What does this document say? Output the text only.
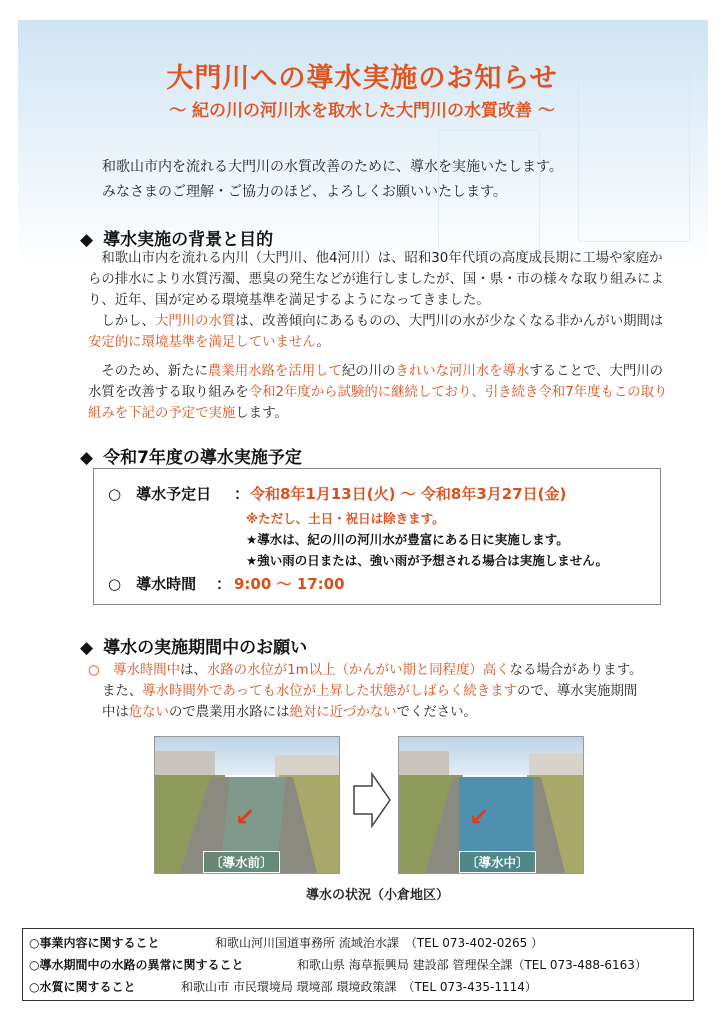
大門川への導水実施のお知らせ
～ 紀の川の河川水を取水した大門川の水質改善 ～
和歌山市内を流れる大門川の水質改善のために、導水を実施いたします。
みなさまのご理解・ご協力のほど、よろしくお願いいたします。
◆ 導水実施の背景と目的

和歌山市内を流れる内川（大門川、他4河川）は、昭和30年代頃の高度成長期に工場や家庭からの排水により水質汚濁、悪臭の発生などが進行しましたが、国・県・市の様々な取り組みにより、近年、国が定める環境基準を満足するようになってきました。

しかし、大門川の水質は、改善傾向にあるものの、大門川の水が少なくなる非かんがい期間は安定的に環境基準を満足していません。

そのため、新たに農業用水路を活用して紀の川のきれいな河川水を導水することで、大門川の水質を改善する取り組みを令和2年度から試験的に継続しており、引き続き令和7年度もこの取り組みを下記の予定で実施します。

◆ 令和7年度の導水実施予定
○　導水予定日 ： 令和8年1月13日(火) ～ 令和8年3月27日(金)
※ただし、土日・祝日は除きます。
★導水は、紀の川の河川水が豊富にある日に実施します。
★強い雨の日または、強い雨が予想される場合は実施しません。
○　導水時間 ： 9:00 ～ 17:00
◆ 導水の実施期間中のお願い

○　 導水時間中は、水路の水位が1m以上（かんがい期と同程度）高くなる場合があります。

また、導水時間外であっても水位が上昇した状態がしばらく続きますので、導水実施期間

中は危ないので農業用水路には絶対に近づかないでください。

↙
〔導水前〕
↙
〔導水中〕
導水の状況（小倉地区）
○事業内容に関すること	和歌山河川国道事務所 流域治水課　（TEL 073-402-0265 ）
○導水期間中の水路の異常に関すること	和歌山県 海草振興局 建設部 管理保全課（TEL 073-488-6163）
○水質に関すること	和歌山市 市民環境局 環境部 環境政策課　（TEL 073-435-1114）
